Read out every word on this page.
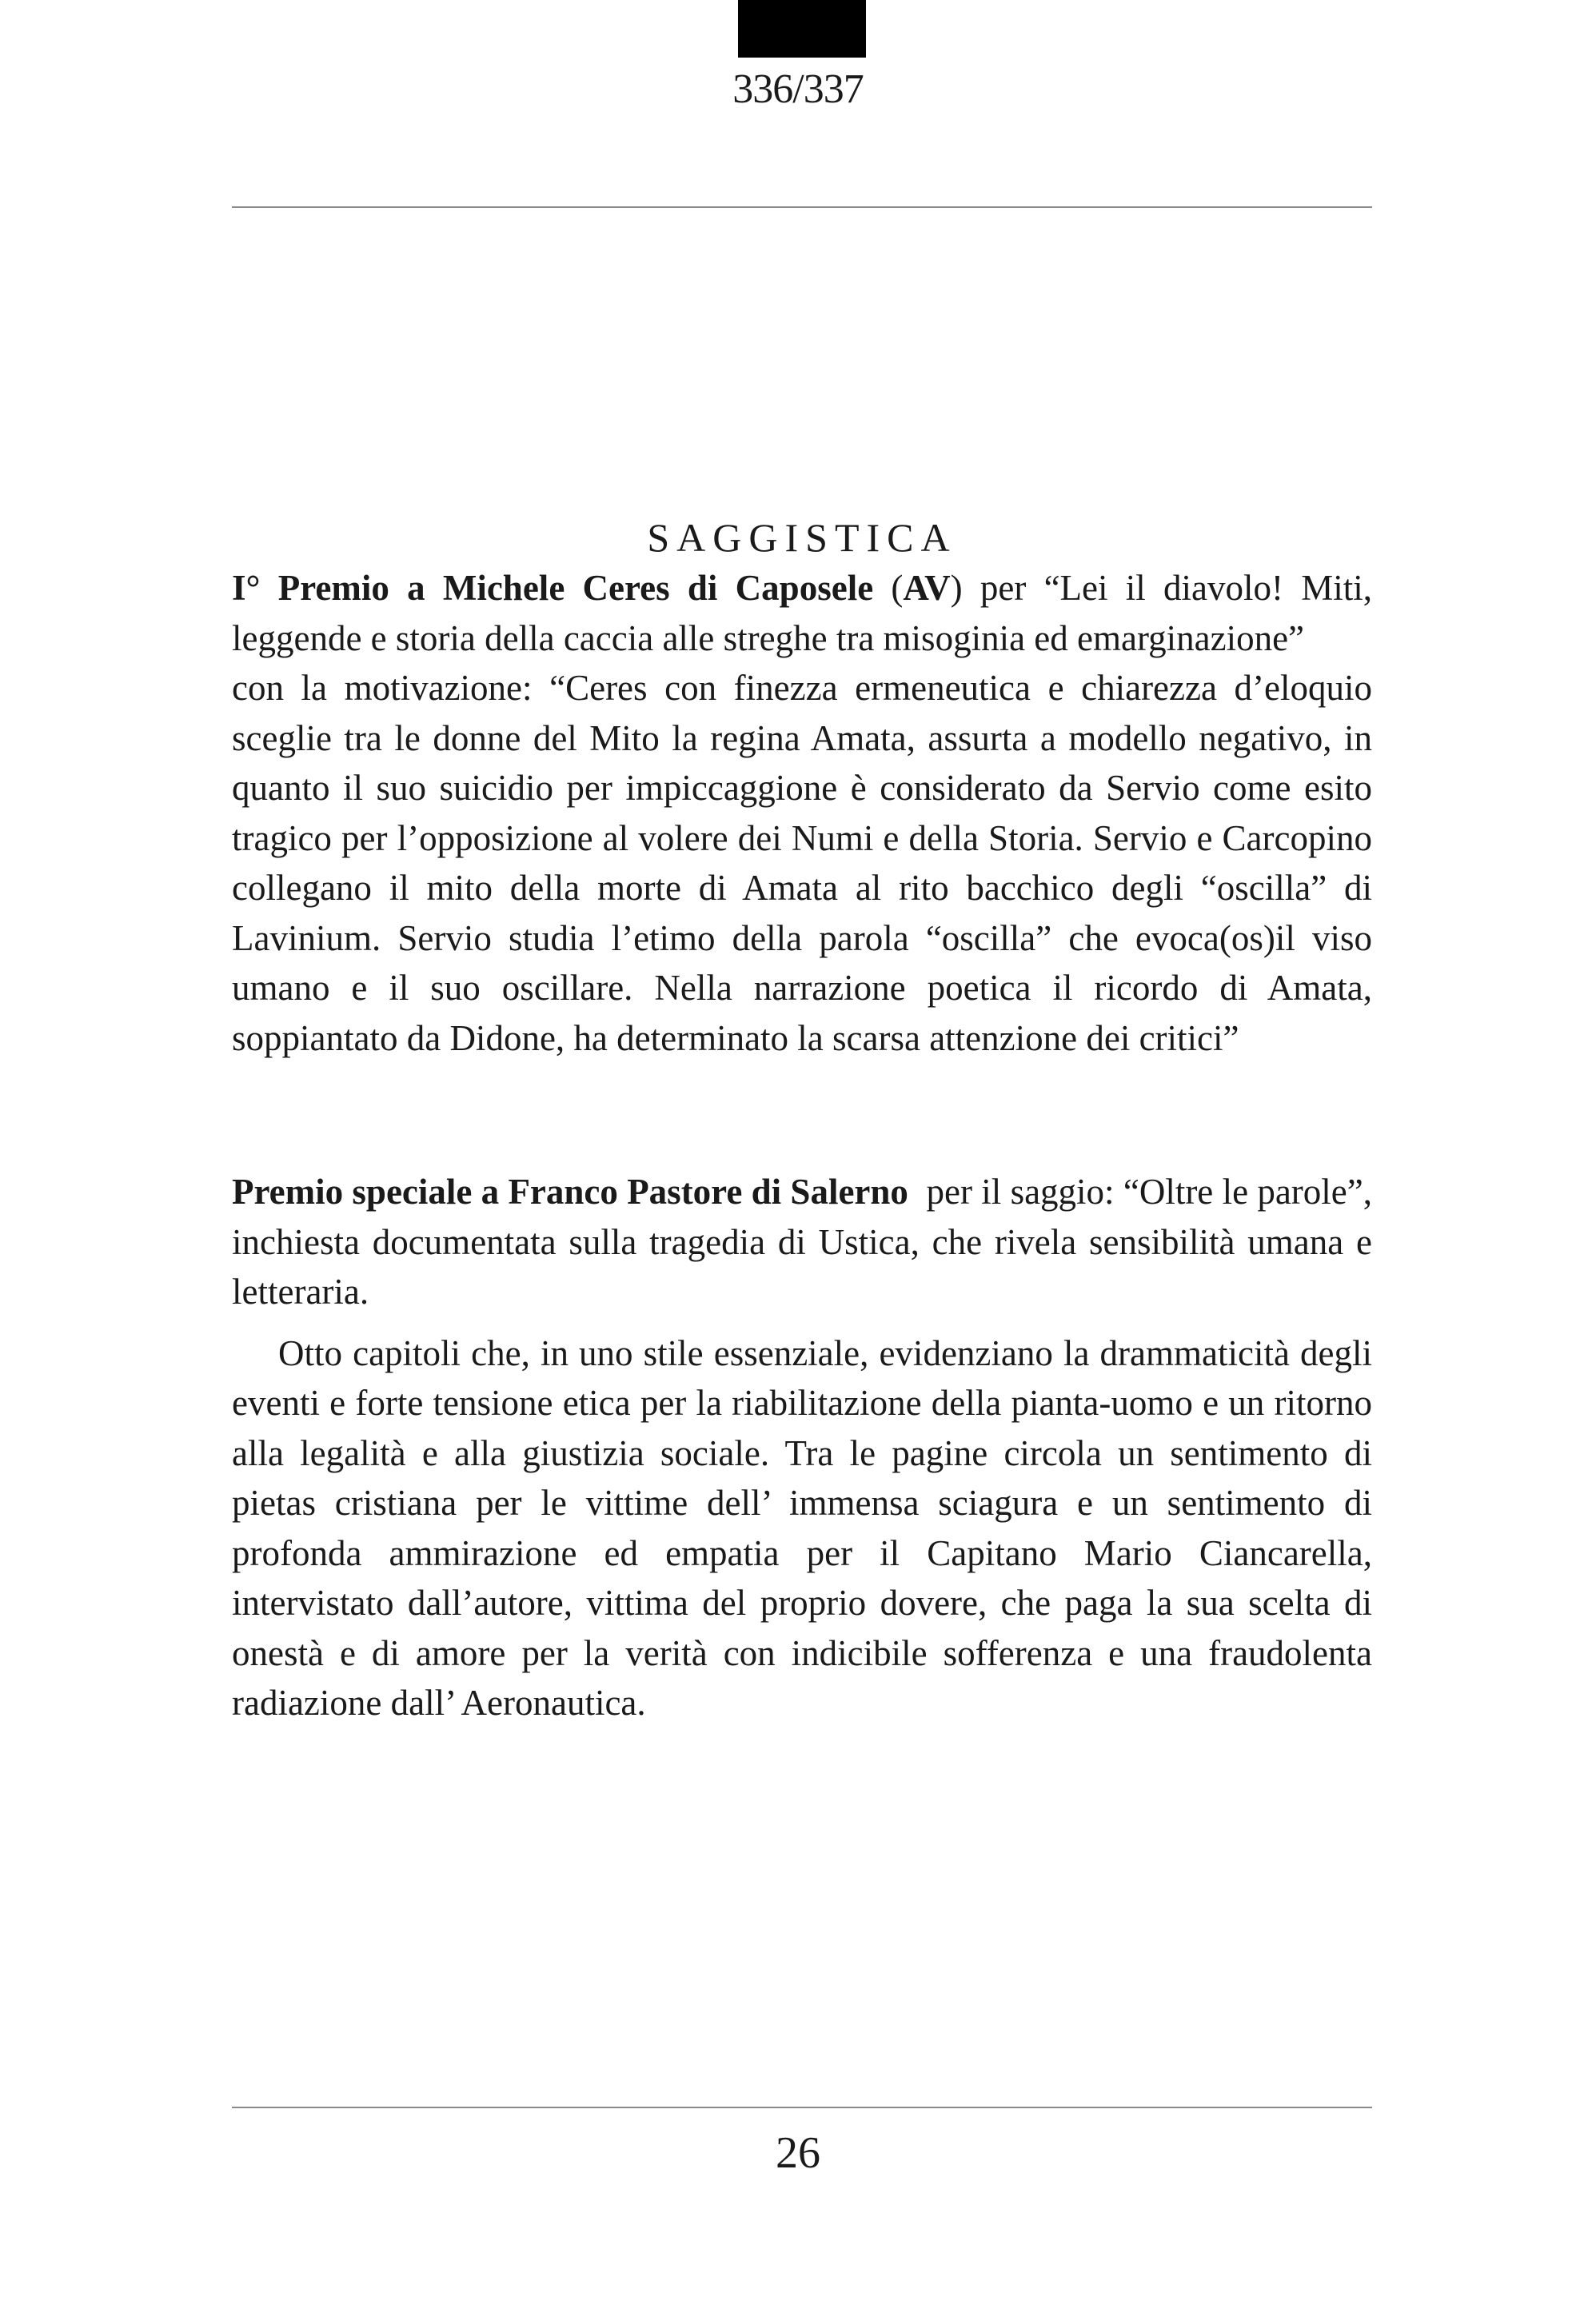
336/337
SAGGISTICA

I° Premio a Michele Ceres di Caposele (AV) per “Lei il diavolo! Miti, leggende e storia della caccia alle streghe tra misoginia ed emarginazione”

con la motivazione: “Ceres con finezza ermeneutica e chiarezza d’eloquio sceglie tra le donne del Mito la regina Amata, assurta a modello negativo, in quanto il suo suicidio per impiccaggione è considerato da Servio come esito tragico per l’opposizione al volere dei Numi e della Storia. Servio e Carcopino collegano il mito della morte di Amata al rito bacchico degli “oscilla” di Lavinium. Servio studia l’etimo della parola “oscilla” che evoca(os)il viso umano e il suo oscillare. Nella narrazione poetica il ricordo di Amata, soppiantato da Didone, ha determinato la scarsa attenzione dei critici”

Premio speciale a Franco Pastore di Salerno  per il saggio: “Oltre le parole”, inchiesta documentata sulla tragedia di Ustica, che rivela sensibilità umana e letteraria.

Otto capitoli che, in uno stile essenziale, evidenziano la drammaticità degli eventi e forte tensione etica per la riabilitazione della pianta-uomo e un ritorno alla legalità e alla giustizia sociale. Tra le pagine circola un sentimento di pietas cristiana per le vittime dell’ immensa sciagura e un sentimento di profonda ammirazione ed empatia per il Capitano Mario Ciancarella, intervistato dall’autore, vittima del proprio dovere, che paga la sua scelta di onestà e di amore per la verità con indicibile sofferenza e una fraudolenta radiazione dall’ Aeronautica.

26
